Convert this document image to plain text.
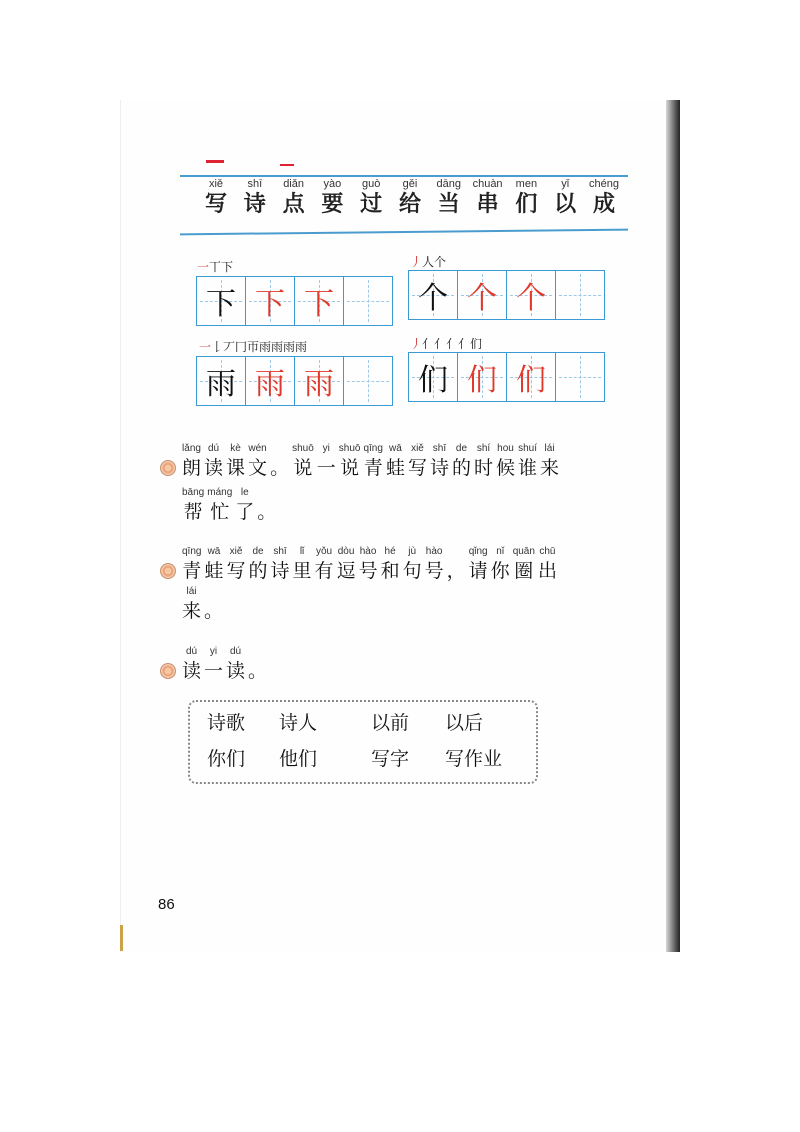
xiě
写
shī
诗
diǎn
点
yào
要
guò
过
gěi
给
dāng
当
chuàn
串
men
们
yǐ
以
chéng
成
一丅下
下 下 下
丿人个
个 个 个
一𠄌丆冂帀雨雨雨雨
雨 雨 雨
丿亻亻亻亻们
们 们 们
lǎng
朗
dú
读
kè
课
wén
文 。
shuō
说
yi
一
shuō
说
qīng
青
wā
蛙
xiě
写
shī
诗
de
的
shí
时
hou
候
shuí
谁
lái
来
bāng
帮
máng
忙
le
了 。
qīng
青
wā
蛙
xiě
写
de
的
shī
诗
lǐ
里
yǒu
有
dòu
逗
hào
号
hé
和
jù
句
hào
号 ，
qǐng
请
nǐ
你
quān
圈
chū
出
lái
来 。
dú
读
yi
一
dú
读 。
诗歌	诗人	以前	以后
你们	他们	写字	写作业
86
